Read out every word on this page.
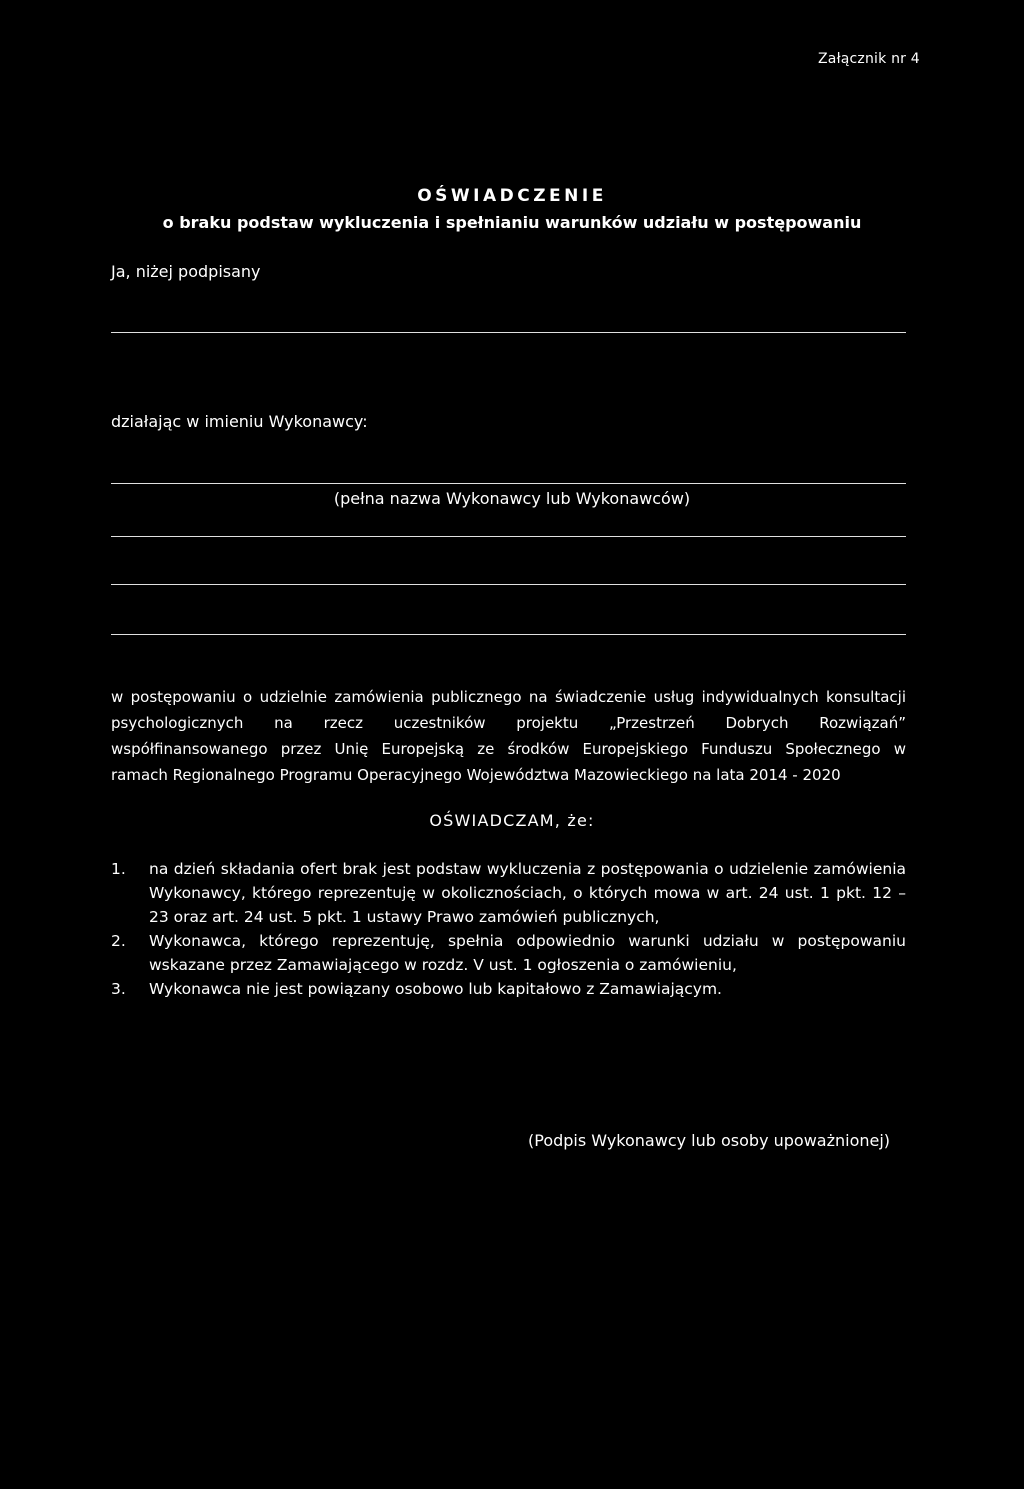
Załącznik nr 4
OŚWIADCZENIE
o braku podstaw wykluczenia i spełnianiu warunków udziału w postępowaniu
Ja, niżej podpisany
działając w imieniu Wykonawcy:
(pełna nazwa Wykonawcy lub Wykonawców)
w postępowaniu o udzielnie zamówienia publicznego na świadczenie usług indywidualnych konsultacji
psychologicznych na rzecz uczestników projektu „Przestrzeń Dobrych Rozwiązań”
współfinansowanego przez Unię Europejską ze środków Europejskiego Funduszu Społecznego w
ramach Regionalnego Programu Operacyjnego Województwa Mazowieckiego na lata 2014 - 2020
OŚWIADCZAM, że:
1. na dzień składania ofert brak jest podstaw wykluczenia z postępowania o udzielenie zamówienia Wykonawcy, którego reprezentuję w okolicznościach, o których mowa w art. 24 ust. 1 pkt. 12 – 23 oraz art. 24 ust. 5 pkt. 1 ustawy Prawo zamówień publicznych,
2. Wykonawca, którego reprezentuję, spełnia odpowiednio warunki udziału w postępowaniu wskazane przez Zamawiającego w rozdz. V ust. 1 ogłoszenia o zamówieniu,
3. Wykonawca nie jest powiązany osobowo lub kapitałowo z Zamawiającym.
(Podpis Wykonawcy lub osoby upoważnionej)
